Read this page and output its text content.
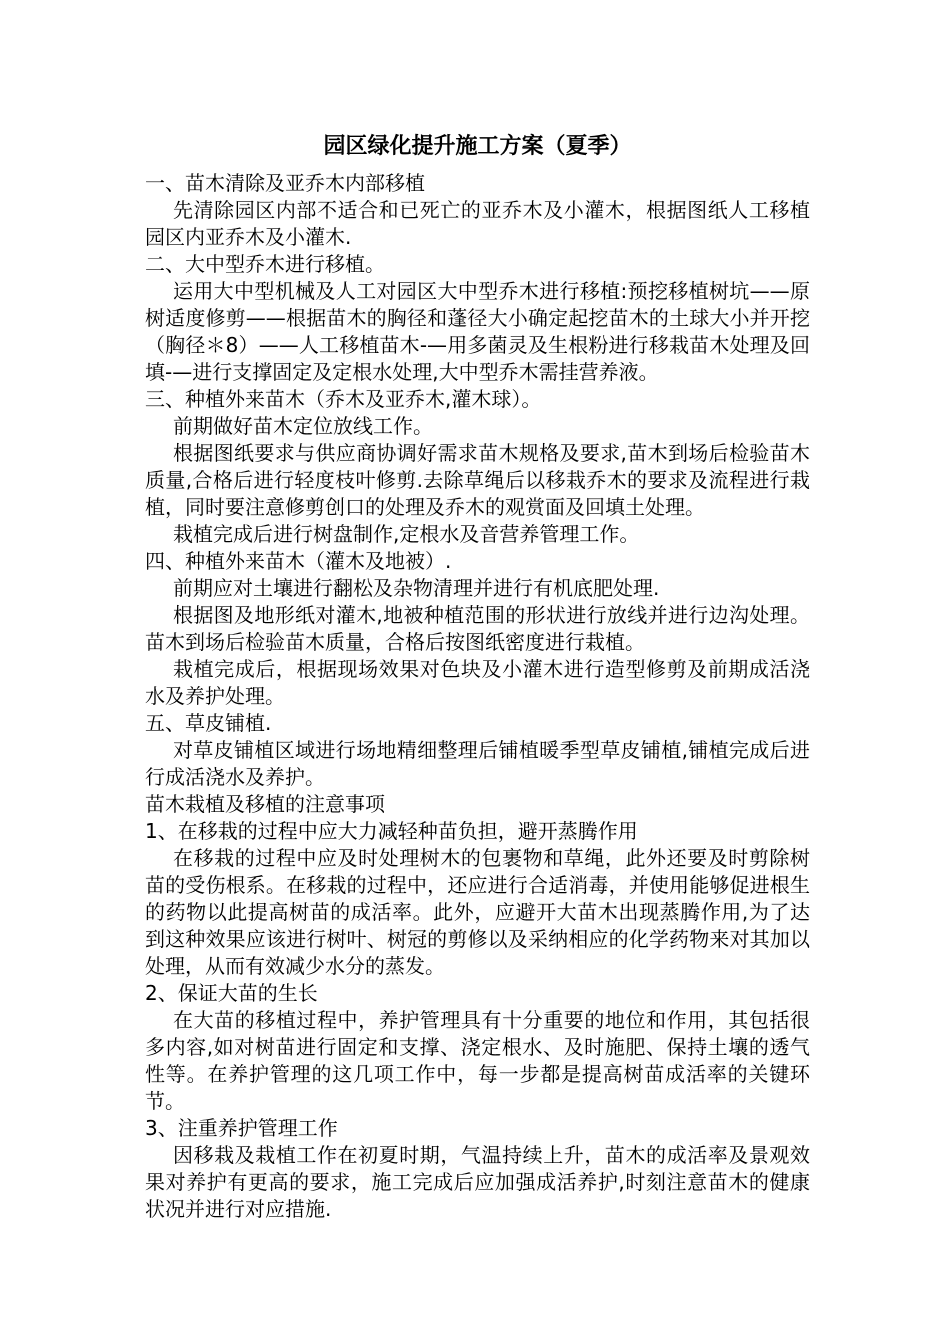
园区绿化提升施工方案（夏季）

一、苗木清除及亚乔木内部移植

先清除园区内部不适合和已死亡的亚乔木及小灌木，根据图纸人工移植园区内亚乔木及小灌木.

二、大中型乔木进行移植。

运用大中型机械及人工对园区大中型乔木进行移植:预挖移植树坑——原树适度修剪——根据苗木的胸径和蓬径大小确定起挖苗木的土球大小并开挖（胸径＊8）——人工移植苗木-—用多菌灵及生根粉进行移栽苗木处理及回填-—进行支撑固定及定根水处理,大中型乔木需挂营养液。

三、种植外来苗木（乔木及亚乔木,灌木球）。

前期做好苗木定位放线工作。

根据图纸要求与供应商协调好需求苗木规格及要求,苗木到场后检验苗木质量,合格后进行轻度枝叶修剪.去除草绳后以移栽乔木的要求及流程进行栽植，同时要注意修剪创口的处理及乔木的观赏面及回填土处理。

栽植完成后进行树盘制作,定根水及音营养管理工作。

四、种植外来苗木（灌木及地被）.

前期应对土壤进行翻松及杂物清理并进行有机底肥处理.

根据图及地形纸对灌木,地被种植范围的形状进行放线并进行边沟处理。苗木到场后检验苗木质量，合格后按图纸密度进行栽植。

栽植完成后，根据现场效果对色块及小灌木进行造型修剪及前期成活浇水及养护处理。

五、草皮铺植.

对草皮铺植区域进行场地精细整理后铺植暖季型草皮铺植,铺植完成后进行成活浇水及养护。

苗木栽植及移植的注意事项

1、在移栽的过程中应大力减轻种苗负担，避开蒸腾作用

在移栽的过程中应及时处理树木的包裹物和草绳，此外还要及时剪除树苗的受伤根系。在移栽的过程中，还应进行合适消毒，并使用能够促进根生的药物以此提高树苗的成活率。此外，应避开大苗木出现蒸腾作用,为了达到这种效果应该进行树叶、树冠的剪修以及采纳相应的化学药物来对其加以处理，从而有效减少水分的蒸发。

2、保证大苗的生长

在大苗的移植过程中，养护管理具有十分重要的地位和作用，其包括很多内容,如对树苗进行固定和支撑、浇定根水、及时施肥、保持土壤的透气性等。在养护管理的这几项工作中，每一步都是提高树苗成活率的关键环节。

3、注重养护管理工作

因移栽及栽植工作在初夏时期，气温持续上升，苗木的成活率及景观效果对养护有更高的要求，施工完成后应加强成活养护,时刻注意苗木的健康状况并进行对应措施.
